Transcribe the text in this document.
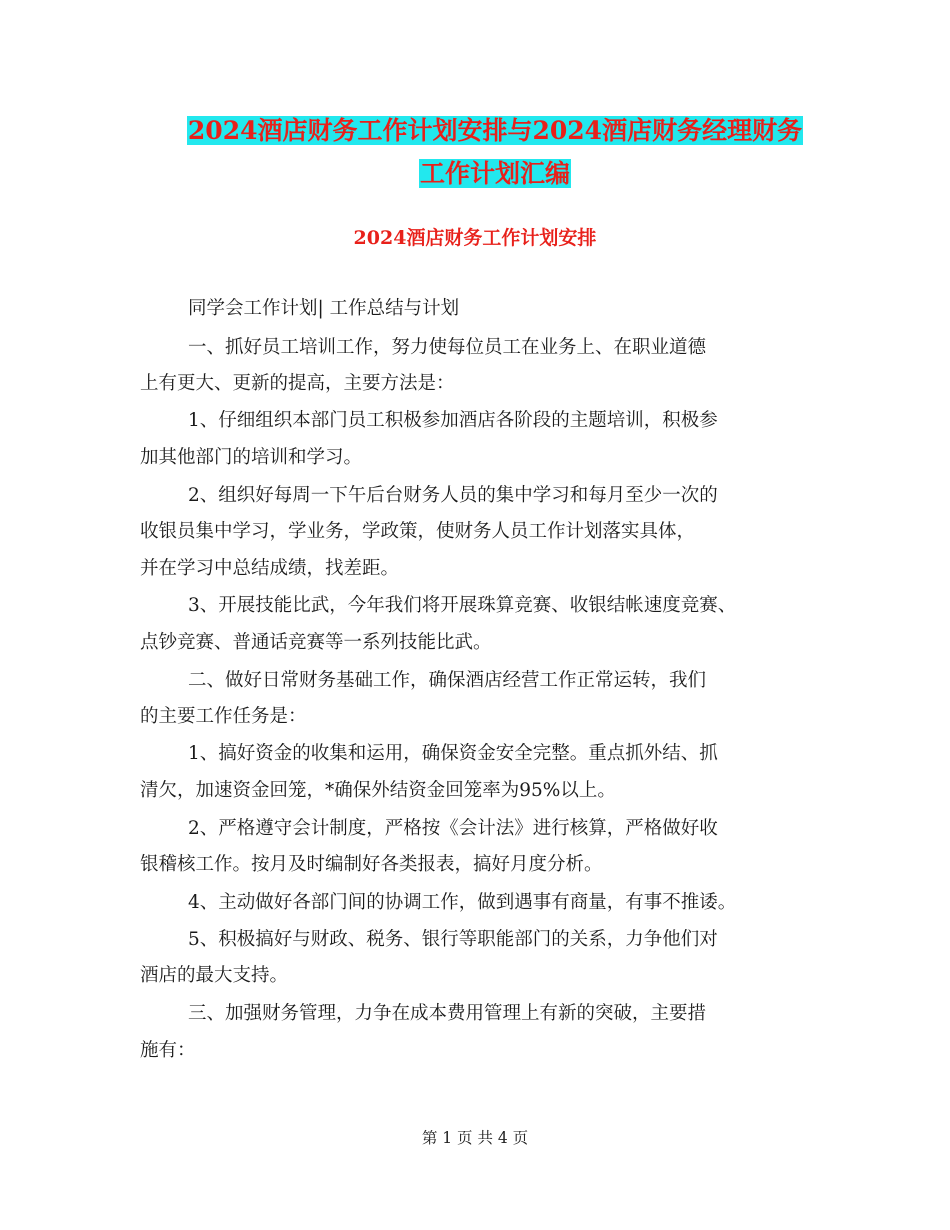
2024酒店财务工作计划安排与2024酒店财务经理财务
工作计划汇编
2024酒店财务工作计划安排
同学会工作计划| 工作总结与计划
一、抓好员工培训工作，努力使每位员工在业务上、在职业道德
上有更大、更新的提高，主要方法是：
1、仔细组织本部门员工积极参加酒店各阶段的主题培训，积极参
加其他部门的培训和学习。
2、组织好每周一下午后台财务人员的集中学习和每月至少一次的
收银员集中学习，学业务，学政策，使财务人员工作计划落实具体，
并在学习中总结成绩，找差距。
3、开展技能比武，今年我们将开展珠算竞赛、收银结帐速度竞赛、
点钞竞赛、普通话竞赛等一系列技能比武。
二、做好日常财务基础工作，确保酒店经营工作正常运转，我们
的主要工作任务是：
1、搞好资金的收集和运用，确保资金安全完整。重点抓外结、抓
清欠，加速资金回笼，*确保外结资金回笼率为95%以上。
2、严格遵守会计制度，严格按《会计法》进行核算，严格做好收
银稽核工作。按月及时编制好各类报表，搞好月度分析。
4、主动做好各部门间的协调工作，做到遇事有商量，有事不推诿。
5、积极搞好与财政、税务、银行等职能部门的关系，力争他们对
酒店的最大支持。
三、加强财务管理，力争在成本费用管理上有新的突破，主要措
施有：
第 1 页 共 4 页
